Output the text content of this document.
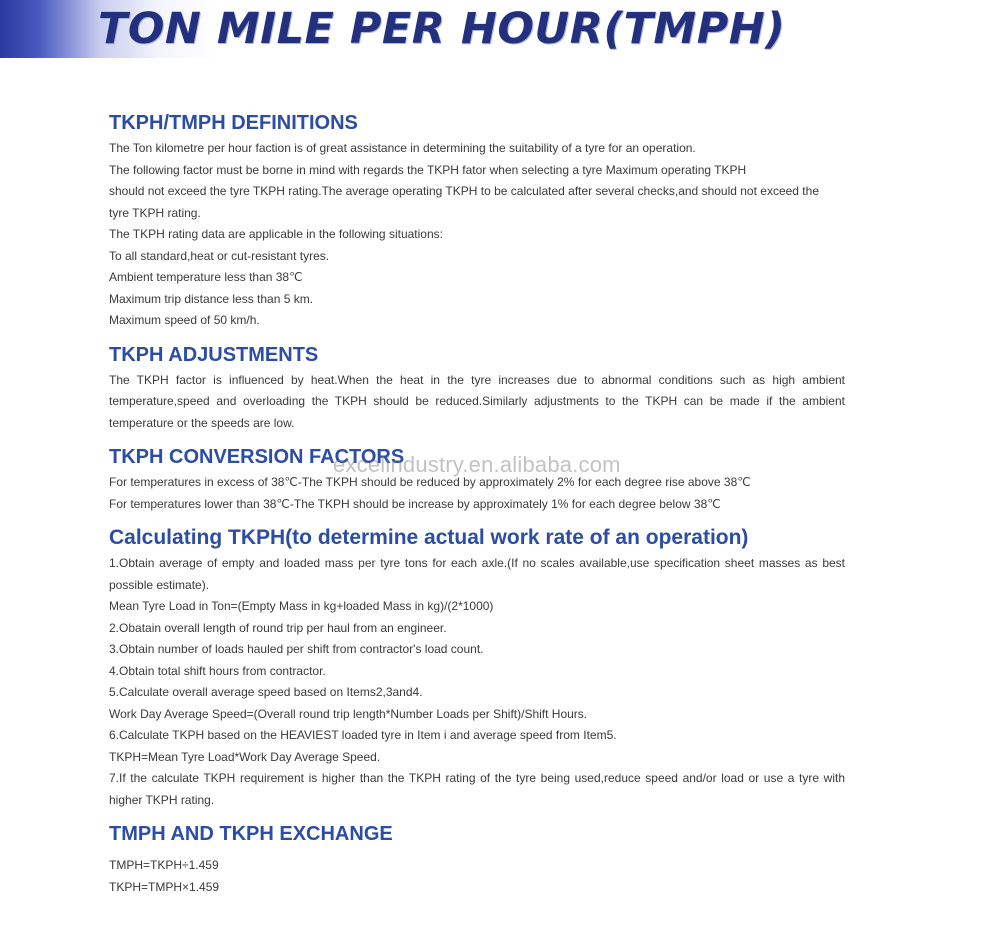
TON MILE PER HOUR(TMPH)
TKPH/TMPH DEFINITIONS

The Ton kilometre per hour faction is of great assistance in determining the suitability of a tyre for an operation.

The following factor must be borne in mind with regards the TKPH fator when selecting a tyre Maximum operating TKPH

should not exceed the tyre TKPH rating.The average operating TKPH to be calculated after several checks,and should not exceed the

tyre TKPH rating.

The TKPH rating data are applicable in the following situations:

To all standard,heat or cut-resistant tyres.

Ambient temperature less than 38℃

Maximum trip distance less than 5 km.

Maximum speed of 50 km/h.

TKPH ADJUSTMENTS

The TKPH factor is influenced by heat.When the heat in the tyre increases due to abnormal conditions such as high ambient temperature,speed and overloading the TKPH should be reduced.Similarly adjustments to the TKPH can be made if the ambient temperature or the speeds are low.

TKPH CONVERSION FACTORS

For temperatures in excess of 38℃-The TKPH should be reduced by approximately 2% for each degree rise above 38℃

For temperatures lower than 38℃-The TKPH should be increase by approximately 1% for each degree below 38℃

Calculating TKPH(to determine actual work rate of an operation)

1.Obtain average of empty and loaded mass per tyre tons for each axle.(If no scales available,use specification sheet masses as best possible estimate).

Mean Tyre Load in Ton=(Empty Mass in kg+loaded Mass in kg)/(2*1000)

2.Obatain overall length of round trip per haul from an engineer.

3.Obtain number of loads hauled per shift from contractor's load count.

4.Obtain total shift hours from contractor.

5.Calculate overall average speed based on Items2,3and4.

Work Day Average Speed=(Overall round trip length*Number Loads per Shift)/Shift Hours.

6.Calculate TKPH based on the HEAVIEST loaded tyre in Item i and average speed from Item5.

TKPH=Mean Tyre Load*Work Day Average Speed.

7.If the calculate TKPH requirement is higher than the TKPH rating of the tyre being used,reduce speed and/or load or use a tyre with higher TKPH rating.

TMPH AND TKPH EXCHANGE

TMPH=TKPH÷1.459

TKPH=TMPH×1.459

excelindustry.en.alibaba.com
